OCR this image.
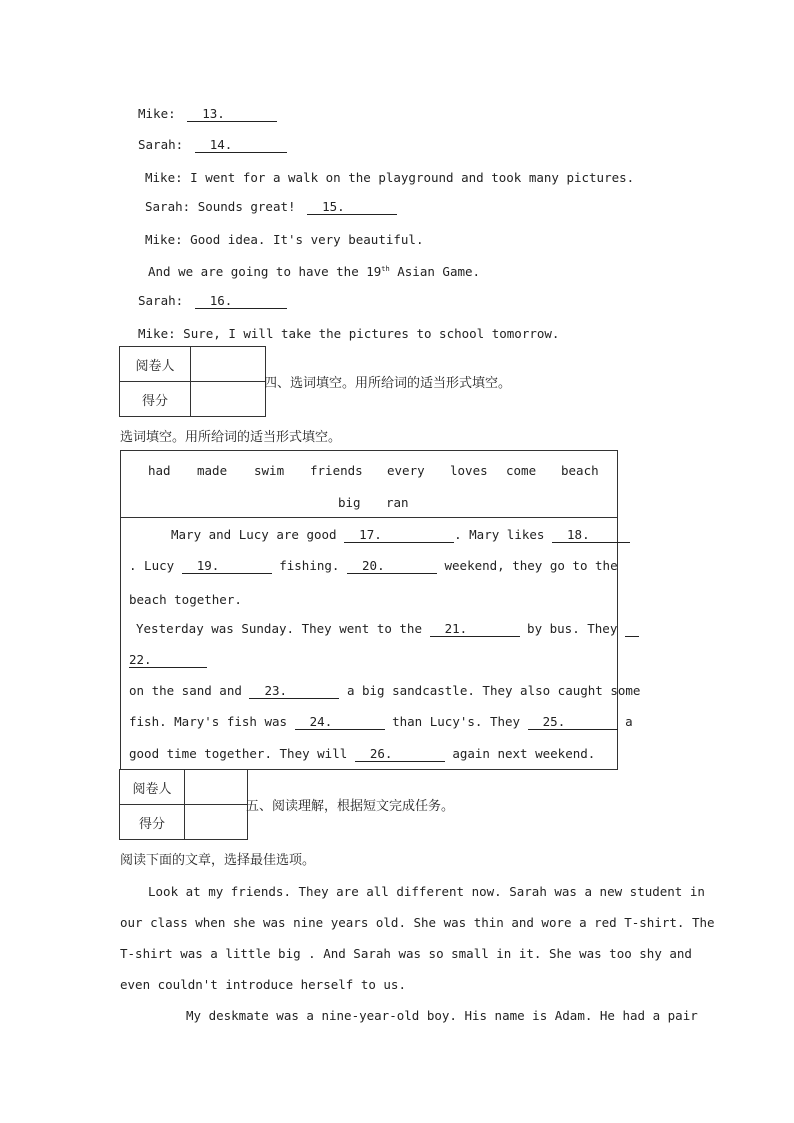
Mike: 13.
Sarah: 14.
Mike: I went for a walk on the playground and took many pictures.
Sarah: Sounds great! 15.
Mike: Good idea. It's very beautiful.
And we are going to have the 19th Asian Game.
Sarah: 16.
Mike: Sure, I will take the pictures to school tomorrow.
阅卷人	
得分	
四、选词填空。用所给词的适当形式填空。
选词填空。用所给词的适当形式填空。
had made swim friends every loves come beach
big ran
Mary and Lucy are good 17.	. Mary likes 18.
. Lucy 19.	fishing. 20.	weekend, they go to the
beach together.
Yesterday was Sunday. They went to the 21.	by bus. They
22.
on the sand and 23.	a big sandcastle. They also caught some
fish. Mary's fish was 24.	than Lucy's. They 25.	a
good time together. They will 26.	again next weekend.
阅卷人	
得分	
五、阅读理解，根据短文完成任务。
阅读下面的文章，选择最佳选项。
Look at my friends. They are all different now. Sarah was a new student in
our class when she was nine years old. She was thin and wore a red T-shirt. The
T-shirt was a little big . And Sarah was so small in it. She was too shy and
even couldn't introduce herself to us.
My deskmate was a nine-year-old boy. His name is Adam. He had a pair
